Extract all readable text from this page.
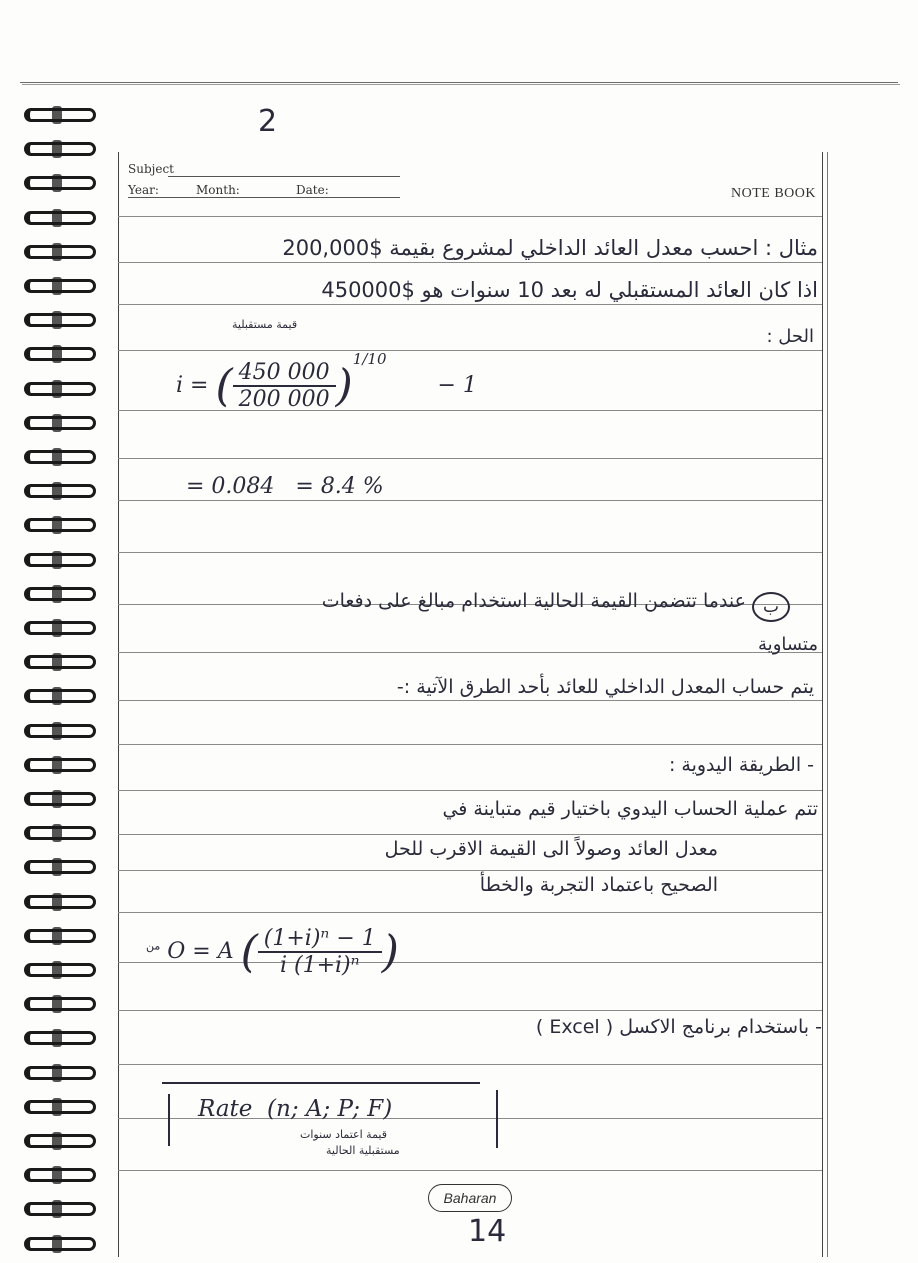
2
Subject
Year:	Month:	Date:	NOTE BOOK
مثال : احسب معدل العائد الداخلي لمشروع بقيمة $200,000
اذا كان العائد المستقبلي له بعد 10 سنوات هو $450000
الحل :
قيمة مستقبلية
i = ( $\frac{450 000}{200 000} )^{1/10} - 1$
= 0.084   = 8.4 %
ب
عندما تتضمن القيمة الحالية استخدام مبالغ على دفعات
متساوية
يتم حساب المعدل الداخلي للعائد بأحد الطرق الآتية :-
- الطريقة اليدوية :
تتم عملية الحساب اليدوي باختيار قيم متباينة في
معدل العائد وصولاً الى القيمة الاقرب للحل
الصحيح باعتماد التجربة والخطأ
$^{من}$ O = A ( $\frac{\text{(1+i)ⁿ − 1}}{\text{i (1+i)ⁿ}}$ )
- باستخدام برنامج الاكسل ( Excel )
Rate  (n; A; P; F)
قيمة اعتماد سنوات
مستقبلية الحالية
Baharan
14
